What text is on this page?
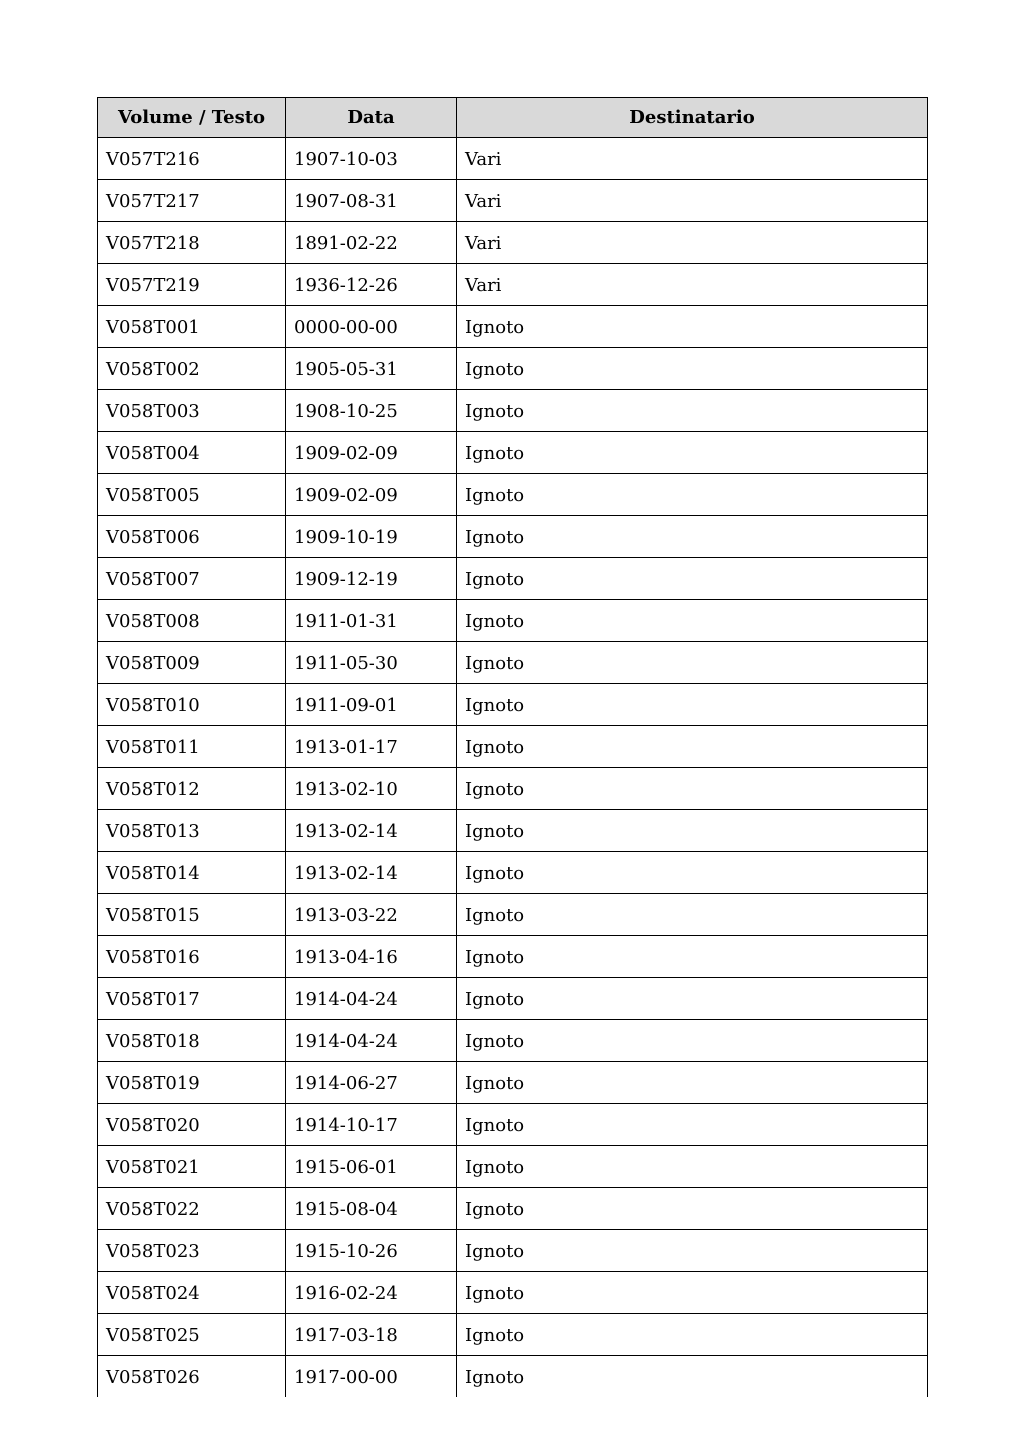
Volume / Testo	Data	Destinatario
V057T216	1907-10-03	Vari
V057T217	1907-08-31	Vari
V057T218	1891-02-22	Vari
V057T219	1936-12-26	Vari
V058T001	0000-00-00	Ignoto
V058T002	1905-05-31	Ignoto
V058T003	1908-10-25	Ignoto
V058T004	1909-02-09	Ignoto
V058T005	1909-02-09	Ignoto
V058T006	1909-10-19	Ignoto
V058T007	1909-12-19	Ignoto
V058T008	1911-01-31	Ignoto
V058T009	1911-05-30	Ignoto
V058T010	1911-09-01	Ignoto
V058T011	1913-01-17	Ignoto
V058T012	1913-02-10	Ignoto
V058T013	1913-02-14	Ignoto
V058T014	1913-02-14	Ignoto
V058T015	1913-03-22	Ignoto
V058T016	1913-04-16	Ignoto
V058T017	1914-04-24	Ignoto
V058T018	1914-04-24	Ignoto
V058T019	1914-06-27	Ignoto
V058T020	1914-10-17	Ignoto
V058T021	1915-06-01	Ignoto
V058T022	1915-08-04	Ignoto
V058T023	1915-10-26	Ignoto
V058T024	1916-02-24	Ignoto
V058T025	1917-03-18	Ignoto
V058T026	1917-00-00	Ignoto
